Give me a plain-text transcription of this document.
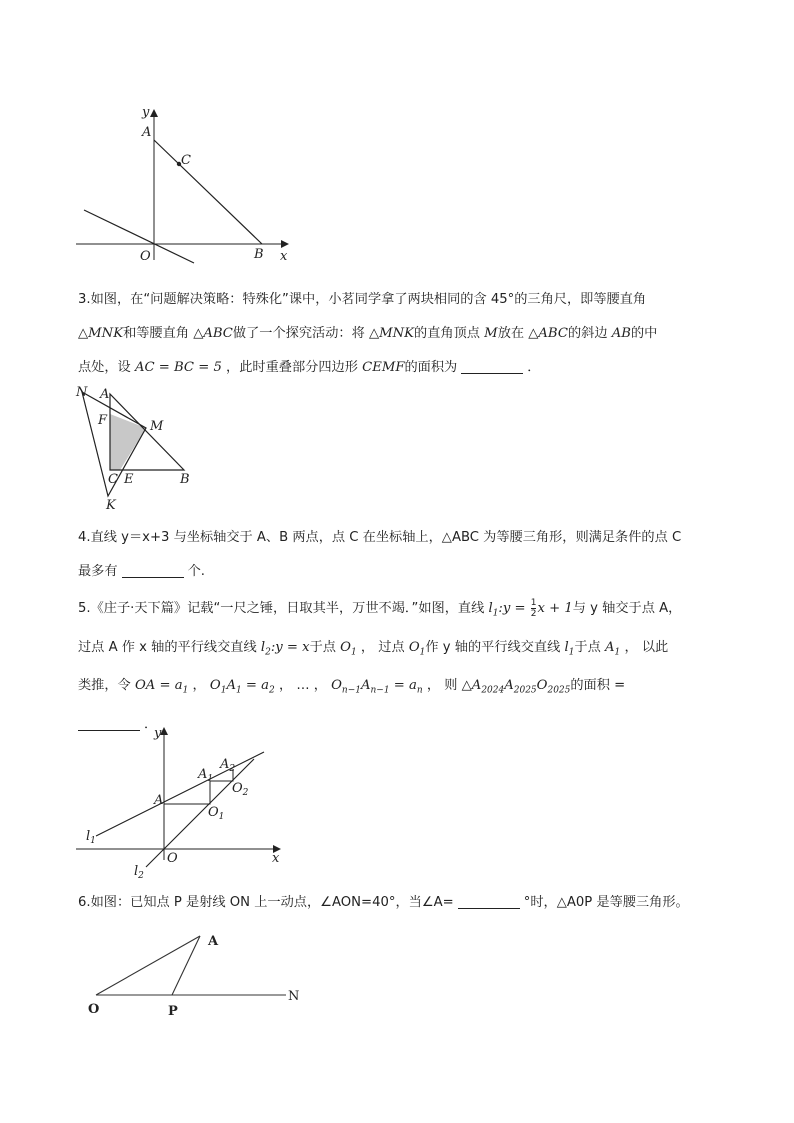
y
A
C
O	B x
3.如图，在“问题解决策略：特殊化”课中，小茗同学拿了两块相同的含 45°的三角尺，即等腰直角
△MNK和等腰直角 △ABC做了一个探究活动：将 △MNK的直角顶点 M放在 △ABC的斜边 AB的中
点处，设 AC = BC = 5 ，此时重叠部分四边形 CEMF的面积为	．
N A
F	M
C E	B
K
4.直线 y＝x+3 与坐标轴交于 A、B 两点，点 C 在坐标轴上，△ABC 为等腰三角形，则满足条件的点 C
最多有	个.
5.《庄子·天下篇》记载“一尺之锤，日取其半，万世不竭．”如图，直线 $l_1:y = \frac{1}{2}$ x + 1与 y 轴交于点 A，
过点 A 作 x 轴的平行线交直线 $l_2:y = x$于点 $O_1$ ， 过点 $O_1$作 y 轴的平行线交直线 $l_1$于点 $A_1$ ， 以此
类推，令 OA = $a_1$ ， $O_1A_1 = a_2$ ， … ， $O_{n-1}A_{n-1} = a_n$ ， 则 $\triangle A_{2024}A_{2025}O_{2025}$的面积 =
．
y
$A_2$
$A_1$
$O_2$
A
$O_1$
$l_1$
O	x
$l_2$
6.如图：已知点 P 是射线 ON 上一动点，∠AON=40°，当∠A=	°时，△A0P 是等腰三角形。
A
O	P
N
